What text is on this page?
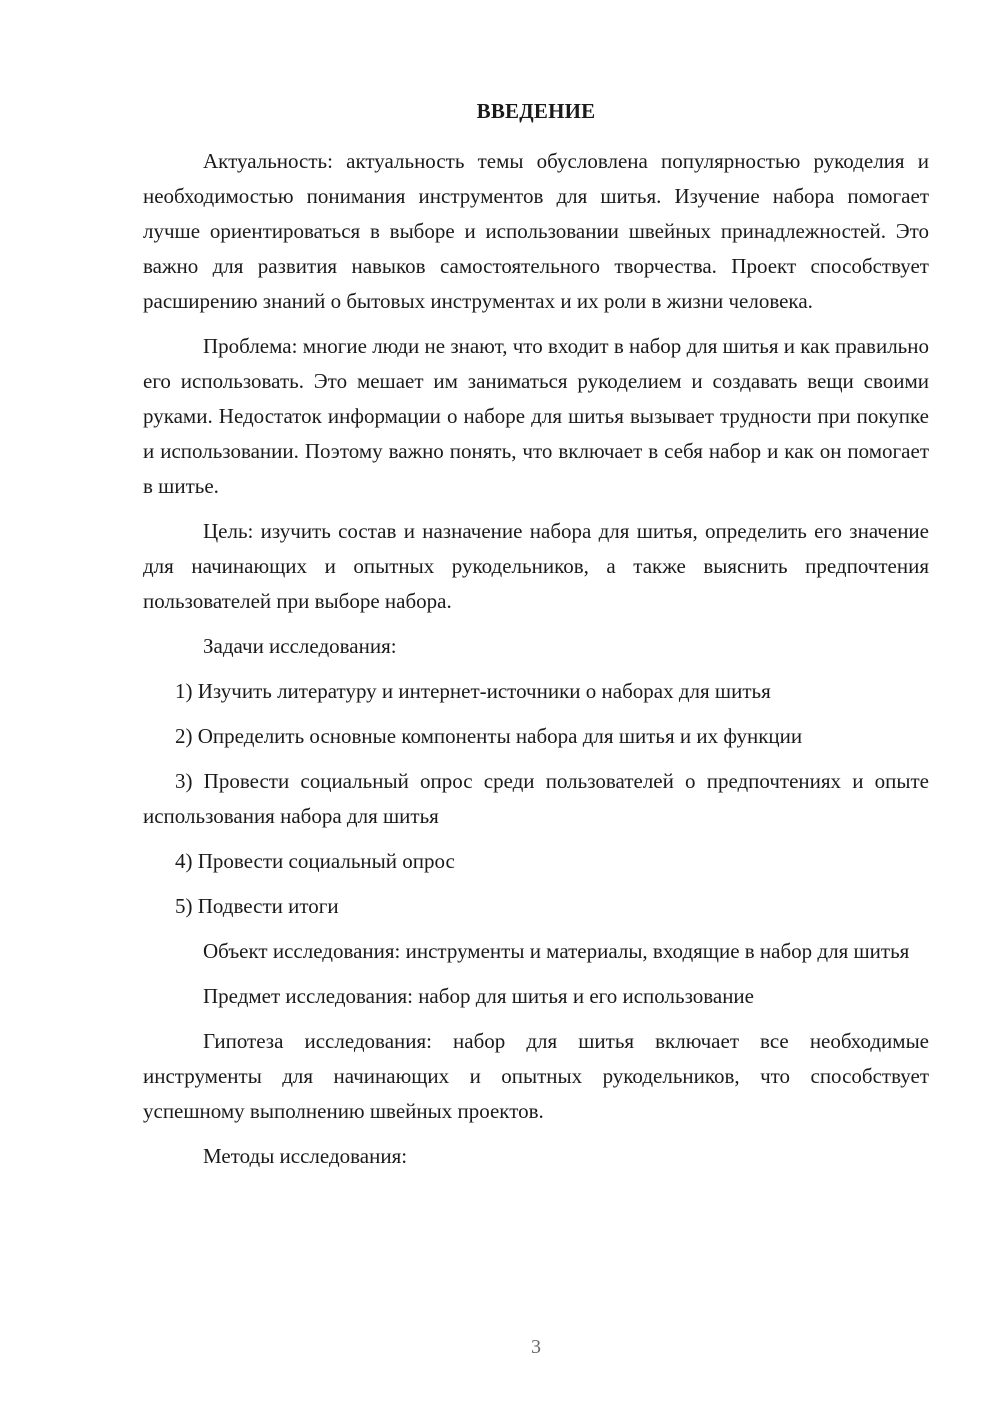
ВВЕДЕНИЕ

Актуальность: актуальность темы обусловлена популярностью рукоделия и необходимостью понимания инструментов для шитья. Изучение набора помогает лучше ориентироваться в выборе и использовании швейных принадлежностей. Это важно для развития навыков самостоятельного творчества. Проект способствует расширению знаний о бытовых инструментах и их роли в жизни человека.

Проблема: многие люди не знают, что входит в набор для шитья и как правильно его использовать. Это мешает им заниматься рукоделием и создавать вещи своими руками. Недостаток информации о наборе для шитья вызывает трудности при покупке и использовании. Поэтому важно понять, что включает в себя набор и как он помогает в шитье.

Цель: изучить состав и назначение набора для шитья, определить его значение для начинающих и опытных рукодельников, а также выяснить предпочтения пользователей при выборе набора.

Задачи исследования:

1) Изучить литературу и интернет-источники о наборах для шитья

2) Определить основные компоненты набора для шитья и их функции

3) Провести социальный опрос среди пользователей о предпочтениях и опыте использования набора для шитья

4) Провести социальный опрос

5) Подвести итоги

Объект исследования: инструменты и материалы, входящие в набор для шитья

Предмет исследования: набор для шитья и его использование

Гипотеза исследования: набор для шитья включает все необходимые инструменты для начинающих и опытных рукодельников, что способствует успешному выполнению швейных проектов.

Методы исследования:

3
